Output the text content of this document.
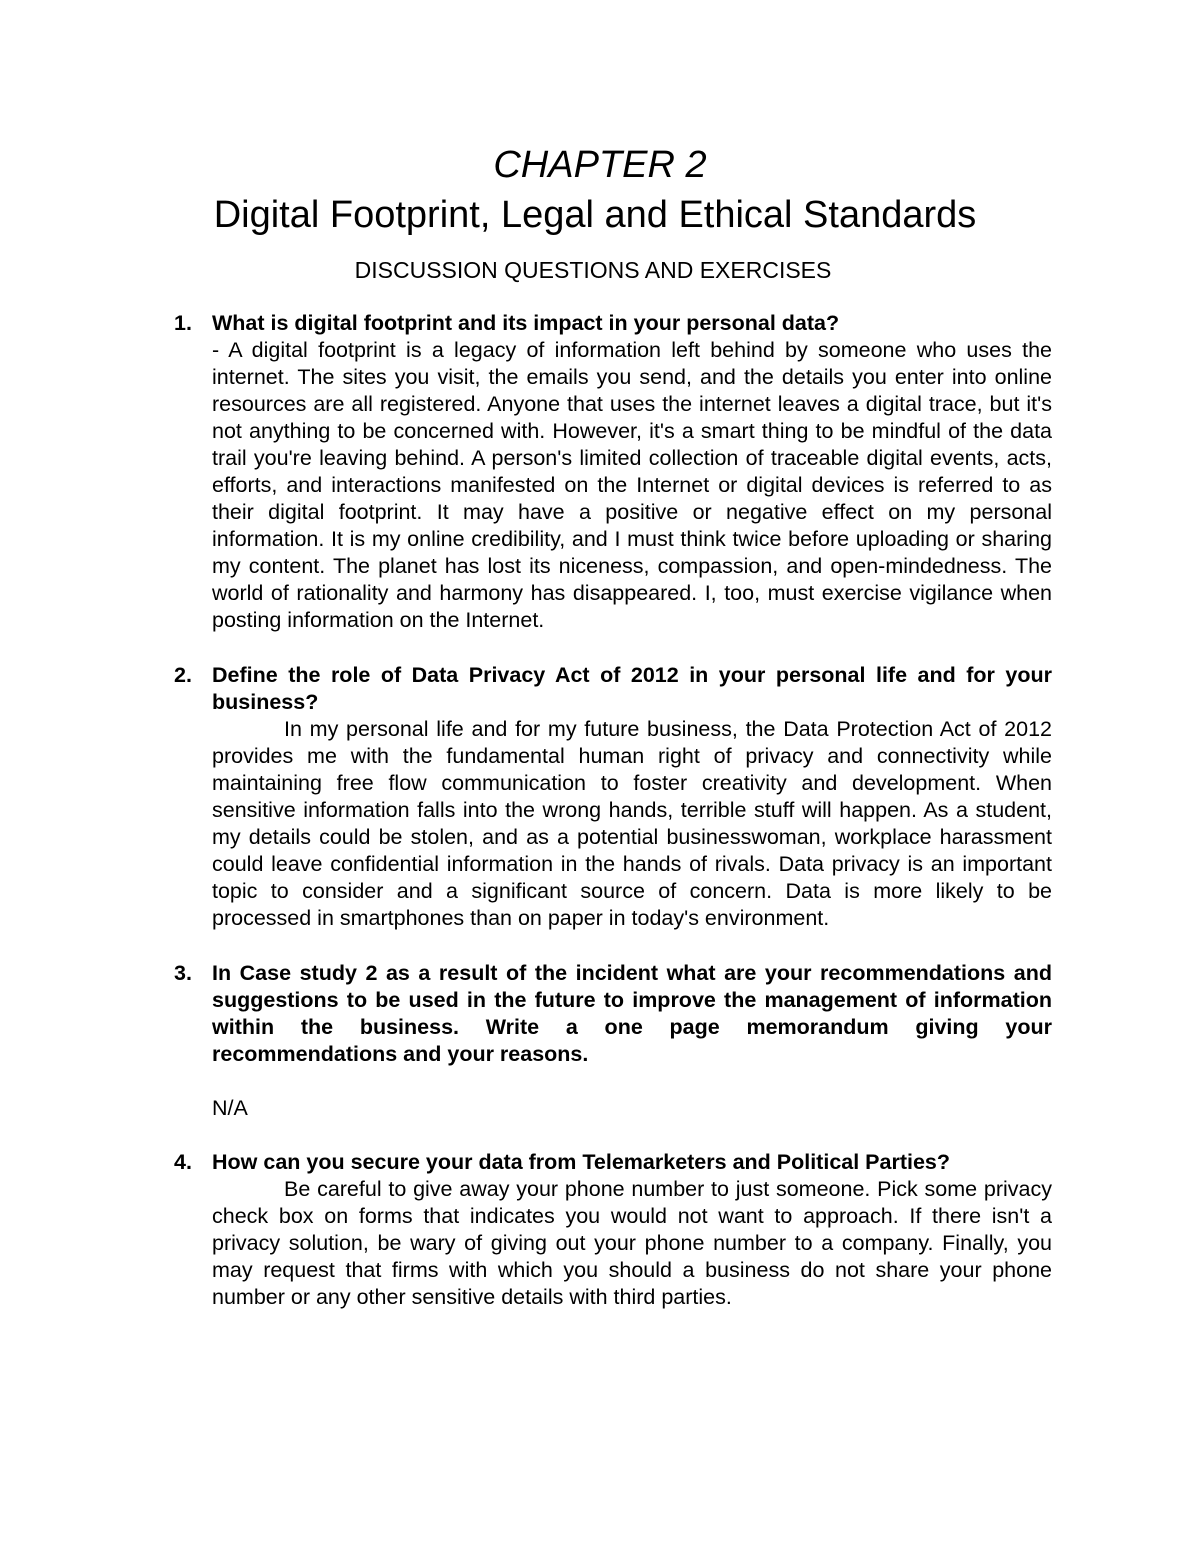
CHAPTER 2
Digital Footprint, Legal and Ethical Standards
DISCUSSION QUESTIONS AND EXERCISES
1. What is digital footprint and its impact in your personal data?

- A digital footprint is a legacy of information left behind by someone who uses the internet. The sites you visit, the emails you send, and the details you enter into online resources are all registered. Anyone that uses the internet leaves a digital trace, but it's not anything to be concerned with. However, it's a smart thing to be mindful of the data trail you're leaving behind. A person's limited collection of traceable digital events, acts, efforts, and interactions manifested on the Internet or digital devices is referred to as their digital footprint. It may have a positive or negative effect on my personal information. It is my online credibility, and I must think twice before uploading or sharing my content. The planet has lost its niceness, compassion, and open-mindedness. The world of rationality and harmony has disappeared. I, too, must exercise vigilance when posting information on the Internet.

2. Define the role of Data Privacy Act of 2012 in your personal life and for your business?

In my personal life and for my future business, the Data Protection Act of 2012 provides me with the fundamental human right of privacy and connectivity while maintaining free flow communication to foster creativity and development. When sensitive information falls into the wrong hands, terrible stuff will happen. As a student, my details could be stolen, and as a potential businesswoman, workplace harassment could leave confidential information in the hands of rivals. Data privacy is an important topic to consider and a significant source of concern. Data is more likely to be processed in smartphones than on paper in today's environment.

3. In Case study 2 as a result of the incident what are your recommendations and suggestions to be used in the future to improve the management of information within the business. Write a one page memorandum giving your recommendations and your reasons.

N/A

4. How can you secure your data from Telemarketers and Political Parties?

Be careful to give away your phone number to just someone. Pick some privacy check box on forms that indicates you would not want to approach. If there isn't a privacy solution, be wary of giving out your phone number to a company. Finally, you may request that firms with which you should a business do not share your phone number or any other sensitive details with third parties.
